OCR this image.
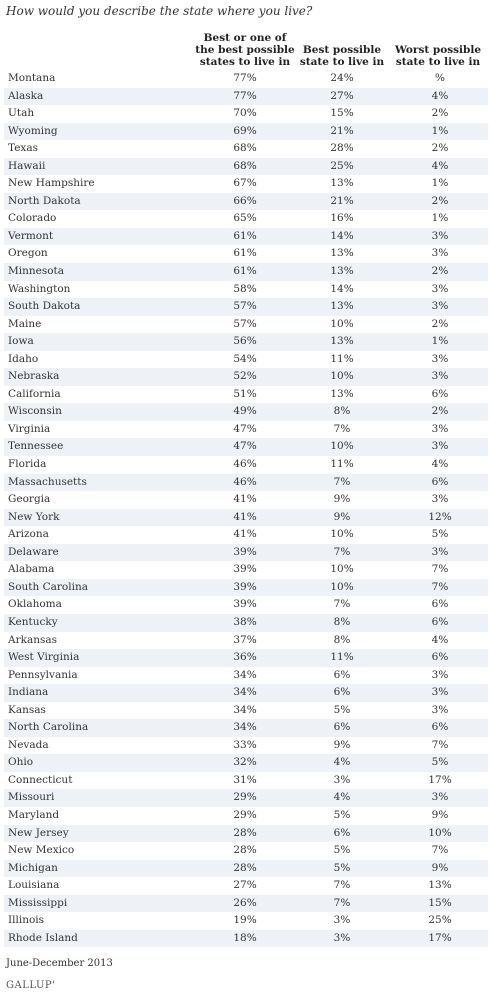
How would you describe the state where you live?
Best or one of the best possible states to live in
Best possible state to live in
Worst possible state to live in
Montana	77%	24%	%
Alaska	77%	27%	4%
Utah	70%	15%	2%
Wyoming	69%	21%	1%
Texas	68%	28%	2%
Hawaii	68%	25%	4%
New Hampshire	67%	13%	1%
North Dakota	66%	21%	2%
Colorado	65%	16%	1%
Vermont	61%	14%	3%
Oregon	61%	13%	3%
Minnesota	61%	13%	2%
Washington	58%	14%	3%
South Dakota	57%	13%	3%
Maine	57%	10%	2%
Iowa	56%	13%	1%
Idaho	54%	11%	3%
Nebraska	52%	10%	3%
California	51%	13%	6%
Wisconsin	49%	8%	2%
Virginia	47%	7%	3%
Tennessee	47%	10%	3%
Florida	46%	11%	4%
Massachusetts	46%	7%	6%
Georgia	41%	9%	3%
New York	41%	9%	12%
Arizona	41%	10%	5%
Delaware	39%	7%	3%
Alabama	39%	10%	7%
South Carolina	39%	10%	7%
Oklahoma	39%	7%	6%
Kentucky	38%	8%	6%
Arkansas	37%	8%	4%
West Virginia	36%	11%	6%
Pennsylvania	34%	6%	3%
Indiana	34%	6%	3%
Kansas	34%	5%	3%
North Carolina	34%	6%	6%
Nevada	33%	9%	7%
Ohio	32%	4%	5%
Connecticut	31%	3%	17%
Missouri	29%	4%	3%
Maryland	29%	5%	9%
New Jersey	28%	6%	10%
New Mexico	28%	5%	7%
Michigan	28%	5%	9%
Louisiana	27%	7%	13%
Mississippi	26%	7%	15%
Illinois	19%	3%	25%
Rhode Island	18%	3%	17%
June-December 2013
GALLUP'
